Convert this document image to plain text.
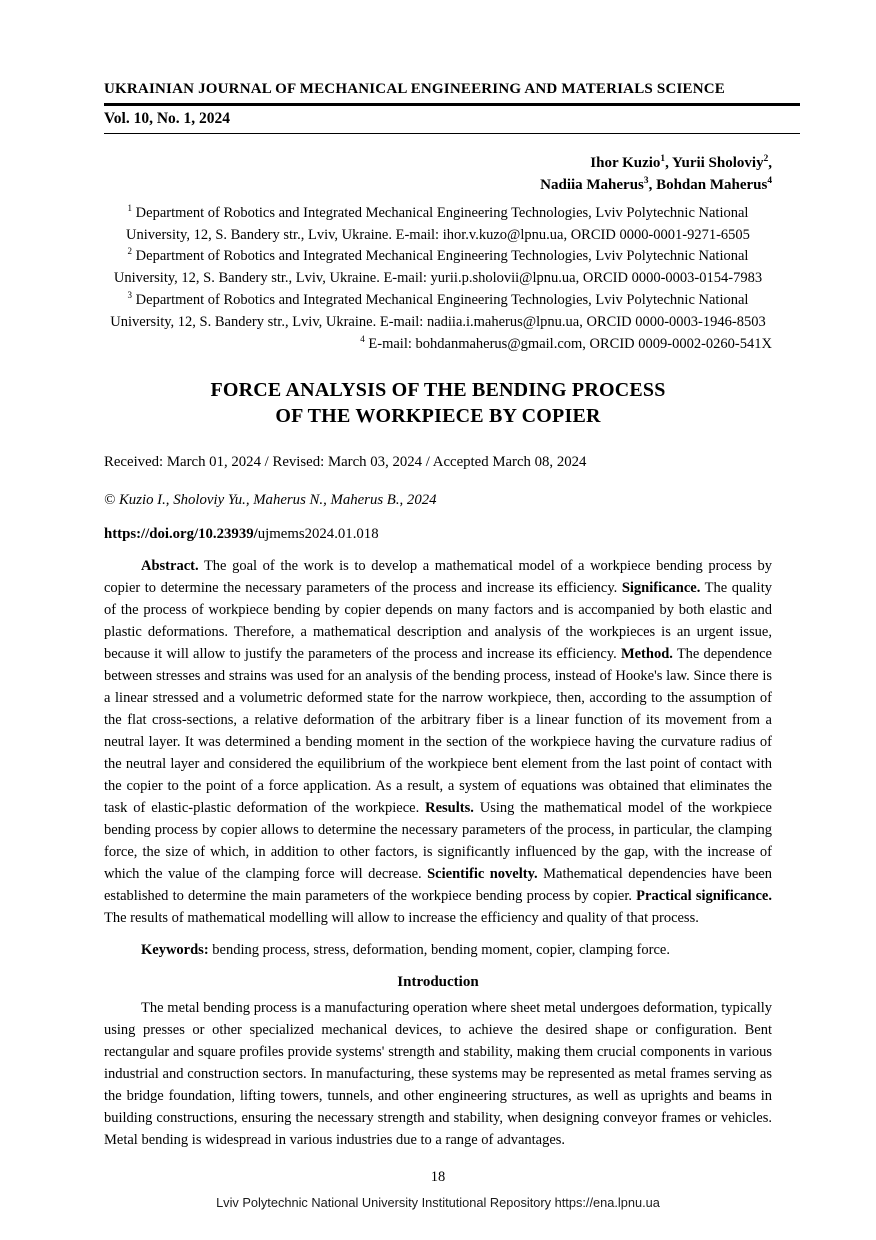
UKRAINIAN JOURNAL OF MECHANICAL ENGINEERING AND MATERIALS SCIENCE
Vol. 10, No. 1, 2024
Ihor Kuzio$^1$, Yurii Sholoviy$^2$,
Nadiia Maherus$^3$, Bohdan Maherus$^4$
$^1$ Department of Robotics and Integrated Mechanical Engineering Technologies, Lviv Polytechnic National University, 12, S. Bandery str., Lviv, Ukraine. E-mail: ihor.v.kuzo@lpnu.ua, ORCID 0000-0001-9271-6505
$^2$ Department of Robotics and Integrated Mechanical Engineering Technologies, Lviv Polytechnic National University, 12, S. Bandery str., Lviv, Ukraine. E-mail: yurii.p.sholovii@lpnu.ua, ORCID 0000-0003-0154-7983
$^3$ Department of Robotics and Integrated Mechanical Engineering Technologies, Lviv Polytechnic National University, 12, S. Bandery str., Lviv, Ukraine. E-mail: nadiia.i.maherus@lpnu.ua, ORCID 0000-0003-1946-8503
$^4$ E-mail: bohdanmaherus@gmail.com, ORCID 0009-0002-0260-541X
FORCE ANALYSIS OF THE BENDING PROCESS
OF THE WORKPIECE BY COPIER

Received: March 01, 2024 / Revised: March 03, 2024 / Accepted March 08, 2024

© Kuzio I., Sholoviy Yu., Maherus N., Maherus B., 2024

https://doi.org/10.23939/ujmems2024.01.018

Abstract. The goal of the work is to develop a mathematical model of a workpiece bending process by copier to determine the necessary parameters of the process and increase its efficiency. Significance. The quality of the process of workpiece bending by copier depends on many factors and is accompanied by both elastic and plastic deformations. Therefore, a mathematical description and analysis of the workpieces is an urgent issue, because it will allow to justify the parameters of the process and increase its efficiency. Method. The dependence between stresses and strains was used for an analysis of the bending process, instead of Hooke's law. Since there is a linear stressed and a volumetric deformed state for the narrow workpiece, then, according to the assumption of the flat cross-sections, a relative deformation of the arbitrary fiber is a linear function of its movement from a neutral layer. It was determined a bending moment in the section of the workpiece having the curvature radius of the neutral layer and considered the equilibrium of the workpiece bent element from the last point of contact with the copier to the point of a force application. As a result, a system of equations was obtained that eliminates the task of elastic-plastic deformation of the workpiece. Results. Using the mathematical model of the workpiece bending process by copier allows to determine the necessary parameters of the process, in particular, the clamping force, the size of which, in addition to other factors, is significantly influenced by the gap, with the increase of which the value of the clamping force will decrease. Scientific novelty. Mathematical dependencies have been established to determine the main parameters of the workpiece bending process by copier. Practical significance. The results of mathematical modelling will allow to increase the efficiency and quality of that process.

Keywords: bending process, stress, deformation, bending moment, copier, clamping force.

Introduction

The metal bending process is a manufacturing operation where sheet metal undergoes deformation, typically using presses or other specialized mechanical devices, to achieve the desired shape or configuration. Bent rectangular and square profiles provide systems' strength and stability, making them crucial components in various industrial and construction sectors. In manufacturing, these systems may be represented as metal frames serving as the bridge foundation, lifting towers, tunnels, and other engineering structures, as well as uprights and beams in building constructions, ensuring the necessary strength and stability, when designing conveyor frames or vehicles. Metal bending is widespread in various industries due to a range of advantages.

18
Lviv Polytechnic National University Institutional Repository https://ena.lpnu.ua
